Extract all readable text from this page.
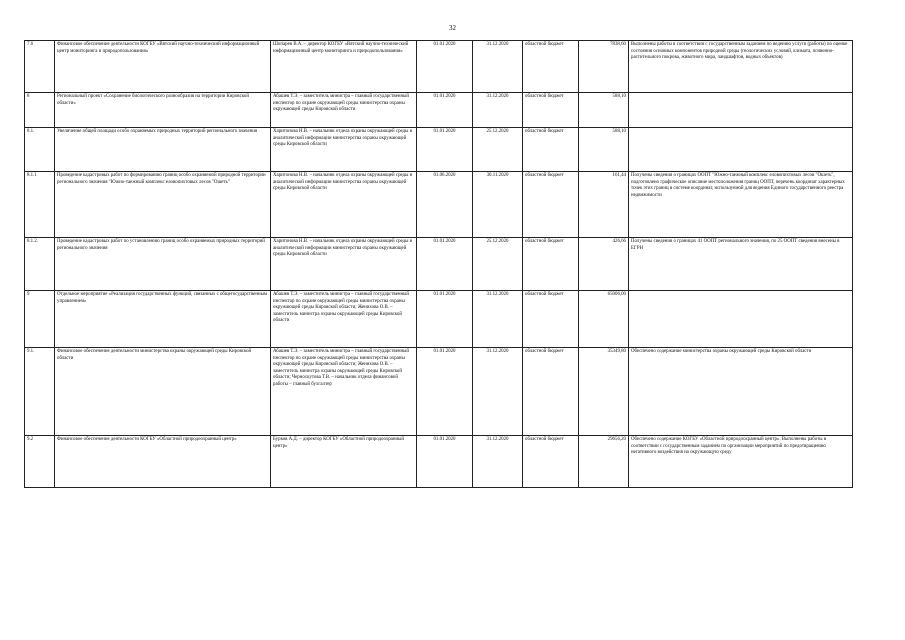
32
7.6	Финансовое обеспечение деятельности КОГБУ «Вятский научно-технический информационный центр мониторинга и природопользования»	Шопарев В.А. – директор КОГБУ «Вятский научно-технический информационный центр мониторинга и природопользования»	01.01.2020	31.12.2020	областной бюджет	7838,60	Выполнены работы в соответствии с государственным заданием по ведению услуги (работы) по оценке состояния основных компонентов природной среды (геологических условий, климата, почвенно-растительного покрова, животного мира, ландшафтов, водных объектов)
8	Региональный проект «Сохранение биологического разнообразия на территории Кировской области»	Абашев Т.Э. – заместитель министра – главный государственный инспектор по охране окружающей среды министерства охраны окружающей среды Кировской области	01.01.2020	31.12.2020	областной бюджет	588,10	
8.1.	Увеличение общей площади особо охраняемых природных территорий регионального значения	Харитонова Н.В. – начальник отдела охраны окружающей среды и аналитической информации министерства охраны окружающей среды Кировской области	01.01.2020	25.12.2020	областной бюджет	588,10	
8.1.1	Проведение кадастровых работ по формированию границ особо охраняемой природной территории регионального значения "Южно-таежный комплекс еловопихтовых лесов "Ошеть"	Харитонова Н.В. – начальник отдела охраны окружающей среды и аналитической информации министерства охраны окружающей среды Кировской области	01.06.2020	30.11.2020	областной бюджет	161,44	Получены сведения о границах ООПТ "Южно-таежный комплекс еловопихтовых лесов "Ошеть", подготовлено графическое описание местоположения границ ООПТ, перечень координат характерных точек этих границ в системе координат, используемой для ведения Единого государственного реестра недвижимости
8.1.2.	Проведение кадастровых работ по установлению границ особо охраняемых природных территорий регионального значения	Харитонова Н.В. – начальник отдела охраны окружающей среды и аналитической информации министерства охраны окружающей среды Кировской области	01.01.2020	25.12.2020	областной бюджет	426,66	Получены сведения о границах 41 ООПТ регионального значения, по 25 ООПТ сведения внесены в ЕГРН
9	Отдельное мероприятие «Реализация государственных функций, связанных с общегосударственным управлением»	Абашев Т.Э. – заместитель министра – главный государственный инспектор по охране окружающей среды министерства охраны окружающей среды Кировской области; Женихова О.В. – заместитель министра охраны окружающей среды Кировской области	01.01.2020	31.12.2020	областной бюджет	65006,00	
9.1.	Финансовое обеспечение деятельности министерства охраны окружающей среды Кировской области	Абашев Т.Э. – заместитель министра – главный государственный инспектор по охране окружающей среды министерства охраны окружающей среды Кировской области; Женихова О.В. – заместитель министра охраны окружающей среды Кировской области; Черноскутова Т.В. – начальник отдела финансовой работы – главный бухгалтер	01.01.2020	31.12.2020	областной бюджет	35349,80	Обеспечено содержание министерства охраны окружающей среды Кировской области
9.2	Финансовое обеспечение деятельности КОГБУ «Областной природоохранный центр»	Бурков А.Д. – директор КОГБУ «Областной природоохранный центр»	01.01.2020	31.12.2020	областной бюджет	29656,20	Обеспечено содержание КОГБУ «Областной природоохранный центр». Выполнены работы в соответствии с государственным заданием по организации мероприятий по предотвращению негативного воздействия на окружающую среду
